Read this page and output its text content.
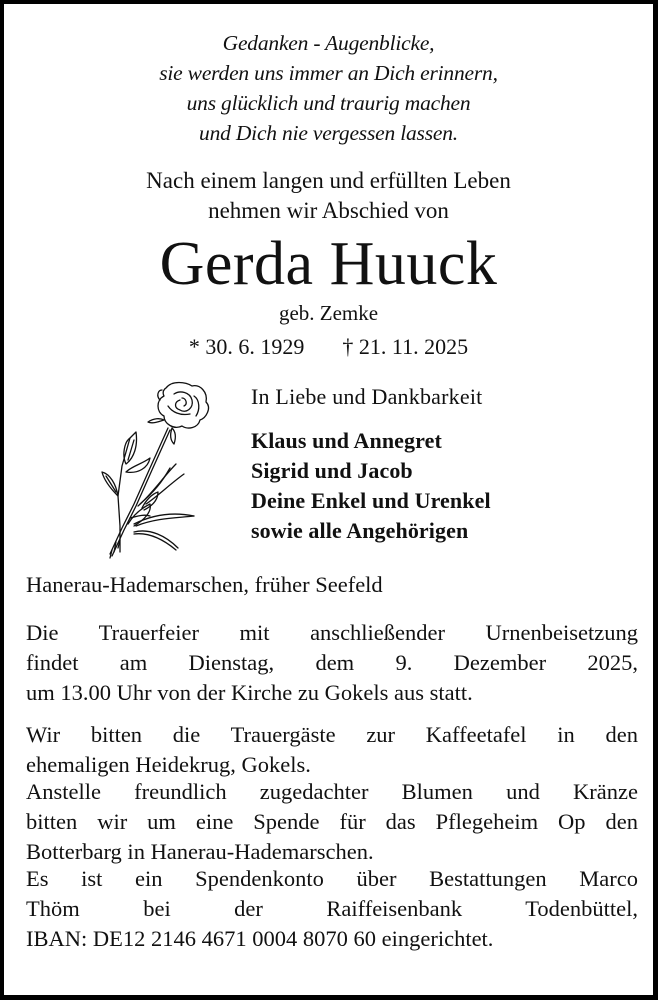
Gedanken - Augenblicke,
sie werden uns immer an Dich erinnern,
uns glücklich und traurig machen
und Dich nie vergessen lassen.
Nach einem langen und erfüllten Leben
nehmen wir Abschied von
Gerda Huuck
geb. Zemke
* 30. 6. 1929 † 21. 11. 2025
In Liebe und Dankbarkeit
Klaus und Annegret
Sigrid und Jacob
Deine Enkel und Urenkel
sowie alle Angehörigen
Hanerau-Hademarschen, früher Seefeld
Die Trauerfeier mit anschließender Urnenbeisetzung
findet am Dienstag, dem 9. Dezember 2025,
um 13.00 Uhr von der Kirche zu Gokels aus statt.
Wir bitten die Trauergäste zur Kaffeetafel in den
ehemaligen Heidekrug, Gokels.
Anstelle freundlich zugedachter Blumen und Kränze
bitten wir um eine Spende für das Pflegeheim Op den
Botterbarg in Hanerau-Hademarschen.
Es ist ein Spendenkonto über Bestattungen Marco
Thöm bei der Raiffeisenbank Todenbüttel,
IBAN: DE12 2146 4671 0004 8070 60 eingerichtet.
